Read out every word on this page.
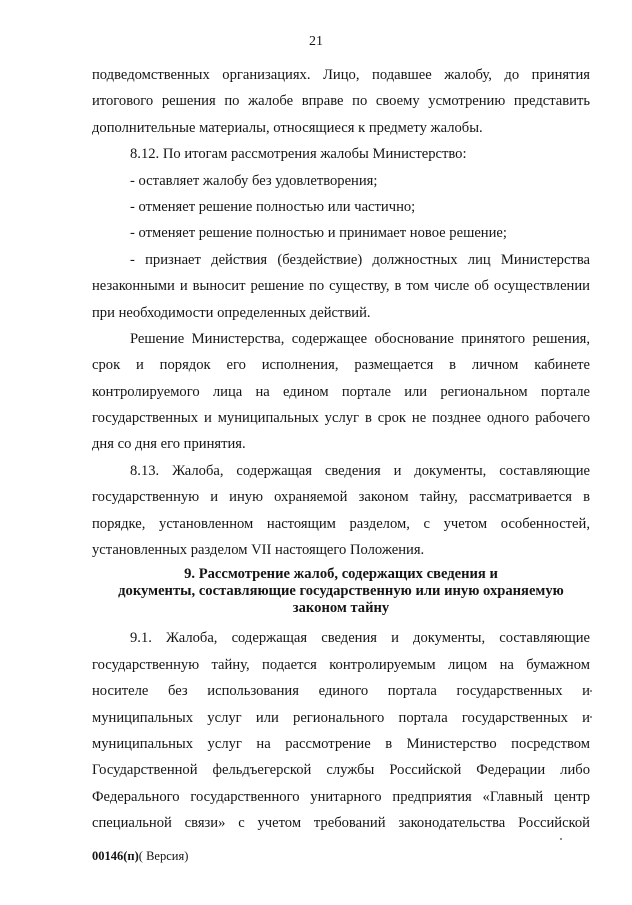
21
подведомственных организациях. Лицо, подавшее жалобу, до принятия
итогового решения по жалобе вправе по своему усмотрению представить
дополнительные материалы, относящиеся к предмету жалобы.
8.12. По итогам рассмотрения жалобы Министерство:
- оставляет жалобу без удовлетворения;
- отменяет решение полностью или частично;
- отменяет решение полностью и принимает новое решение;
- признает действия (бездействие) должностных лиц Министерства
незаконными и выносит решение по существу, в том числе об осуществлении
при необходимости определенных действий.
Решение Министерства, содержащее обоснование принятого решения,
срок и порядок его исполнения, размещается в личном кабинете
контролируемого лица на едином портале или региональном портале
государственных и муниципальных услуг в срок не позднее одного рабочего
дня со дня его принятия.
8.13. Жалоба, содержащая сведения и документы, составляющие
государственную и иную охраняемой законом тайну, рассматривается в
порядке, установленном настоящим разделом, с учетом особенностей,
установленных разделом VII настоящего Положения.
9. Рассмотрение жалоб, содержащих сведения и
документы, составляющие государственную или иную охраняемую
законом тайну
9.1. Жалоба, содержащая сведения и документы, составляющие
государственную тайну, подается контролируемым лицом на бумажном
носителе без использования единого портала государственных и
муниципальных услуг или регионального портала государственных и
муниципальных услуг на рассмотрение в Министерство посредством
Государственной фельдъегерской службы Российской Федерации либо
Федерального государственного унитарного предприятия «Главный центр
специальной связи» с учетом требований законодательства Российской
00146(п)( Версия)
